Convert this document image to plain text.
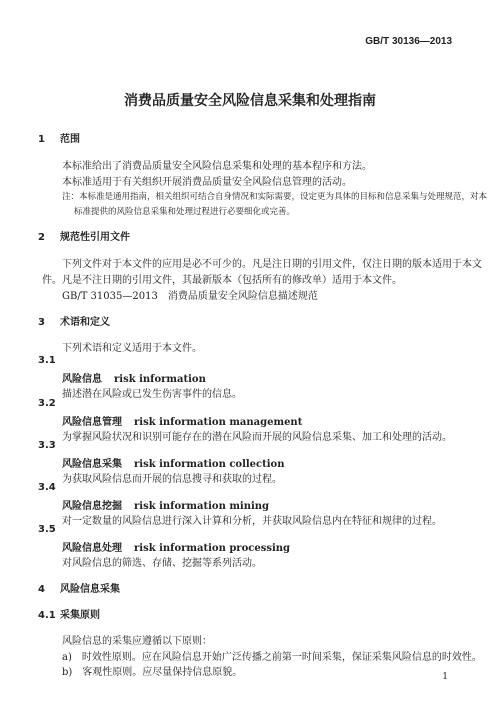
GB/T 30136—2013
消费品质量安全风险信息采集和处理指南
1 范围
本标准给出了消费品质量安全风险信息采集和处理的基本程序和方法。
本标准适用于有关组织开展消费品质量安全风险信息管理的活动。
注：本标准是通用指南，相关组织可结合自身情况和实际需要，设定更为具体的目标和信息采集与处理规范，对本
标准提供的风险信息采集和处理过程进行必要细化或完善。
2 规范性引用文件
下列文件对于本文件的应用是必不可少的。凡是注日期的引用文件，仅注日期的版本适用于本文
件。凡是不注日期的引用文件，其最新版本（包括所有的修改单）适用于本文件。
GB/T 31035—2013　消费品质量安全风险信息描述规范
3 术语和定义
下列术语和定义适用于本文件。
3.1
风险信息 risk information
描述潜在风险或已发生伤害事件的信息。
3.2
风险信息管理 risk information management
为掌握风险状况和识别可能存在的潜在风险而开展的风险信息采集、加工和处理的活动。
3.3
风险信息采集 risk information collection
为获取风险信息而开展的信息搜寻和获取的过程。
3.4
风险信息挖掘 risk information mining
对一定数量的风险信息进行深入计算和分析，并获取风险信息内在特征和规律的过程。
3.5
风险信息处理 risk information processing
对风险信息的筛选、存储、挖掘等系列活动。
4 风险信息采集
4.1 采集原则
风险信息的采集应遵循以下原则：
a)　时效性原则。应在风险信息开始广泛传播之前第一时间采集，保证采集风险信息的时效性。
b)　客观性原则。应尽量保持信息原貌。	1
